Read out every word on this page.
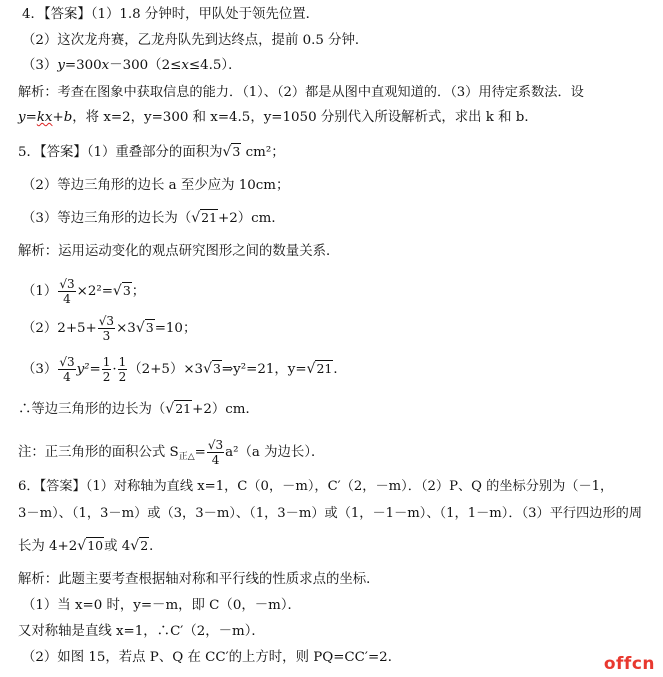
4．【答案】（1）1.8 分钟时，甲队处于领先位置．
（2）这次龙舟赛，乙龙舟队先到达终点，提前 0.5 分钟．
（3）y=300x－300（2≤x≤4.5）．
解析：考查在图象中获取信息的能力．（1）、（2）都是从图中直观知道的．（3）用待定系数法．设
y=kx+b，将 x=2，y=300 和 x=4.5，y=1050 分别代入所设解析式，求出 k 和 b．
5．【答案】（1）重叠部分的面积为√3 cm²；
（2）等边三角形的边长 a 至少应为 10cm；
（3）等边三角形的边长为（√21+2）cm．
解析：运用运动变化的观点研究图形之间的数量关系．
$(1) \frac{√3}{4} \times 2^2=√3$；
$(2)2+5+ \frac{√3}{3} \times 3√3=10$；
$(3) \frac{√3}{4} y^2= \frac{1}{2} \cdot \frac{1}{2}$ （2+5）×3√3⇒y²=21，y=√21．
∴等边三角形的边长为（√21+2）cm．
注：正三角形的面积公式 $S_{正\triangle}= \frac{√3}{4} a^2(a$ 为边长）．
6．【答案】（1）对称轴为直线 x=1，C（0，－m），C′（2，－m）．（2）P、Q 的坐标分别为（－1，
3－m）、（1，3－m）或（3，3－m）、（1，3－m）或（1，－1－m）、（1，1－m）．（3）平行四边形的周
长为 4+2√10或 4√2．
解析：此题主要考查根据轴对称和平行线的性质求点的坐标．
（1）当 x=0 时，y=－m，即 C（0，－m）．
又对称轴是直线 x=1，∴C′（2，－m）．
（2）如图 15，若点 P、Q 在 CC′的上方时，则 PQ=CC′=2．	offcn
